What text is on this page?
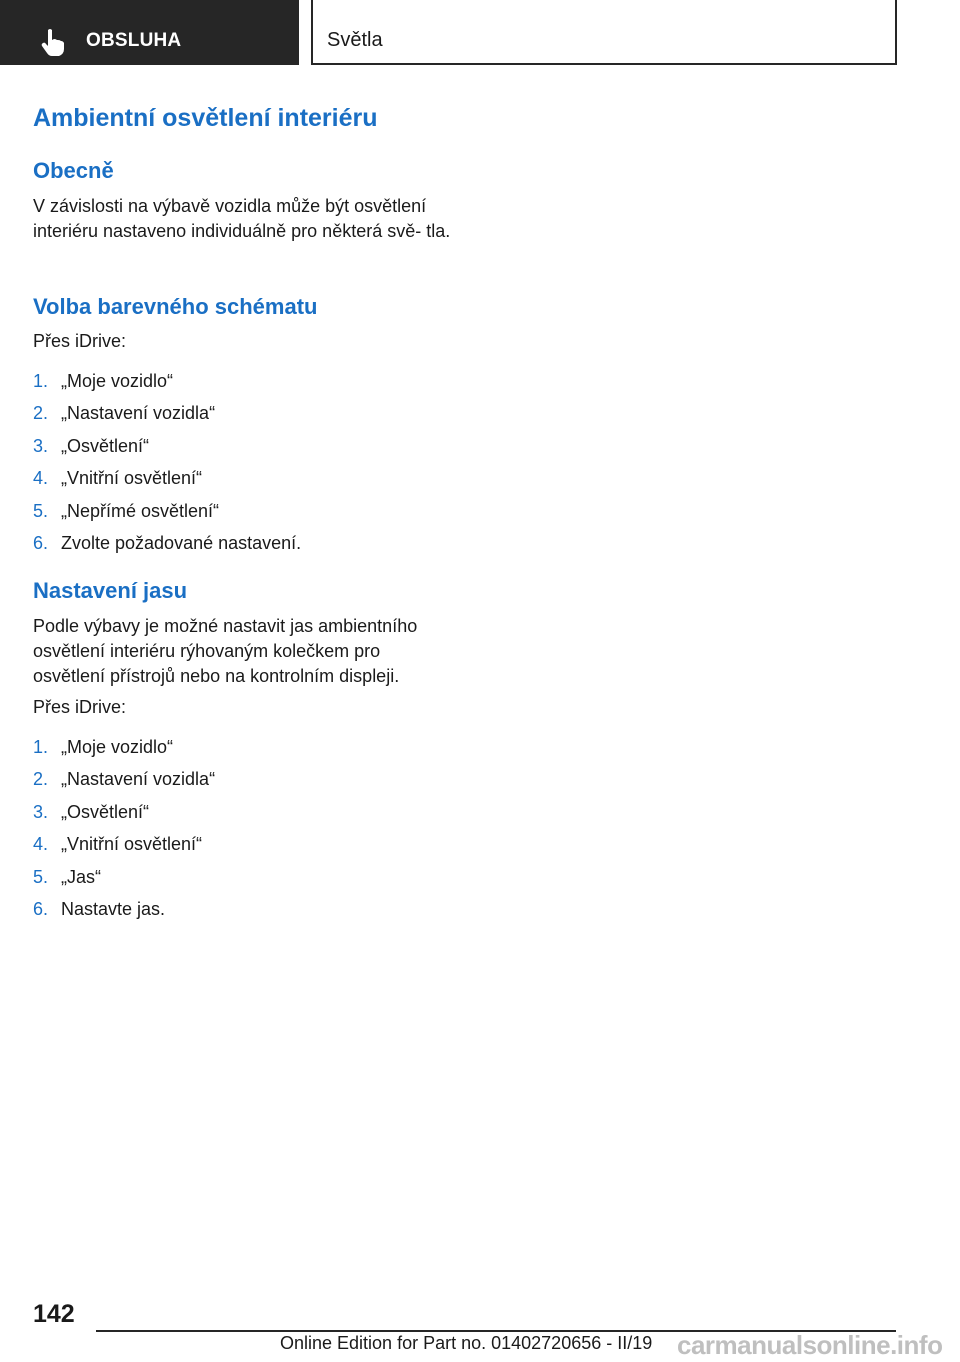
OBSLUHA	Světla
Ambientní osvětlení interiéru
Obecně

V závislosti na výbavě vozidla může být osvětlení interiéru nastaveno individuálně pro některá svě- tla.

Volba barevného schématu

Přes iDrive:

1. „Moje vozidlo“
2. „Nastavení vozidla“
3. „Osvětlení“
4. „Vnitřní osvětlení“
5. „Nepřímé osvětlení“
6. Zvolte požadované nastavení.
Nastavení jasu

Podle výbavy je možné nastavit jas ambientního osvětlení interiéru rýhovaným kolečkem pro osvětlení přístrojů nebo na kontrolním displeji.

Přes iDrive:

1. „Moje vozidlo“
2. „Nastavení vozidla“
3. „Osvětlení“
4. „Vnitřní osvětlení“
5. „Jas“
6. Nastavte jas.
142
Online Edition for Part no. 01402720656 - II/19 carmanualsonline.info
